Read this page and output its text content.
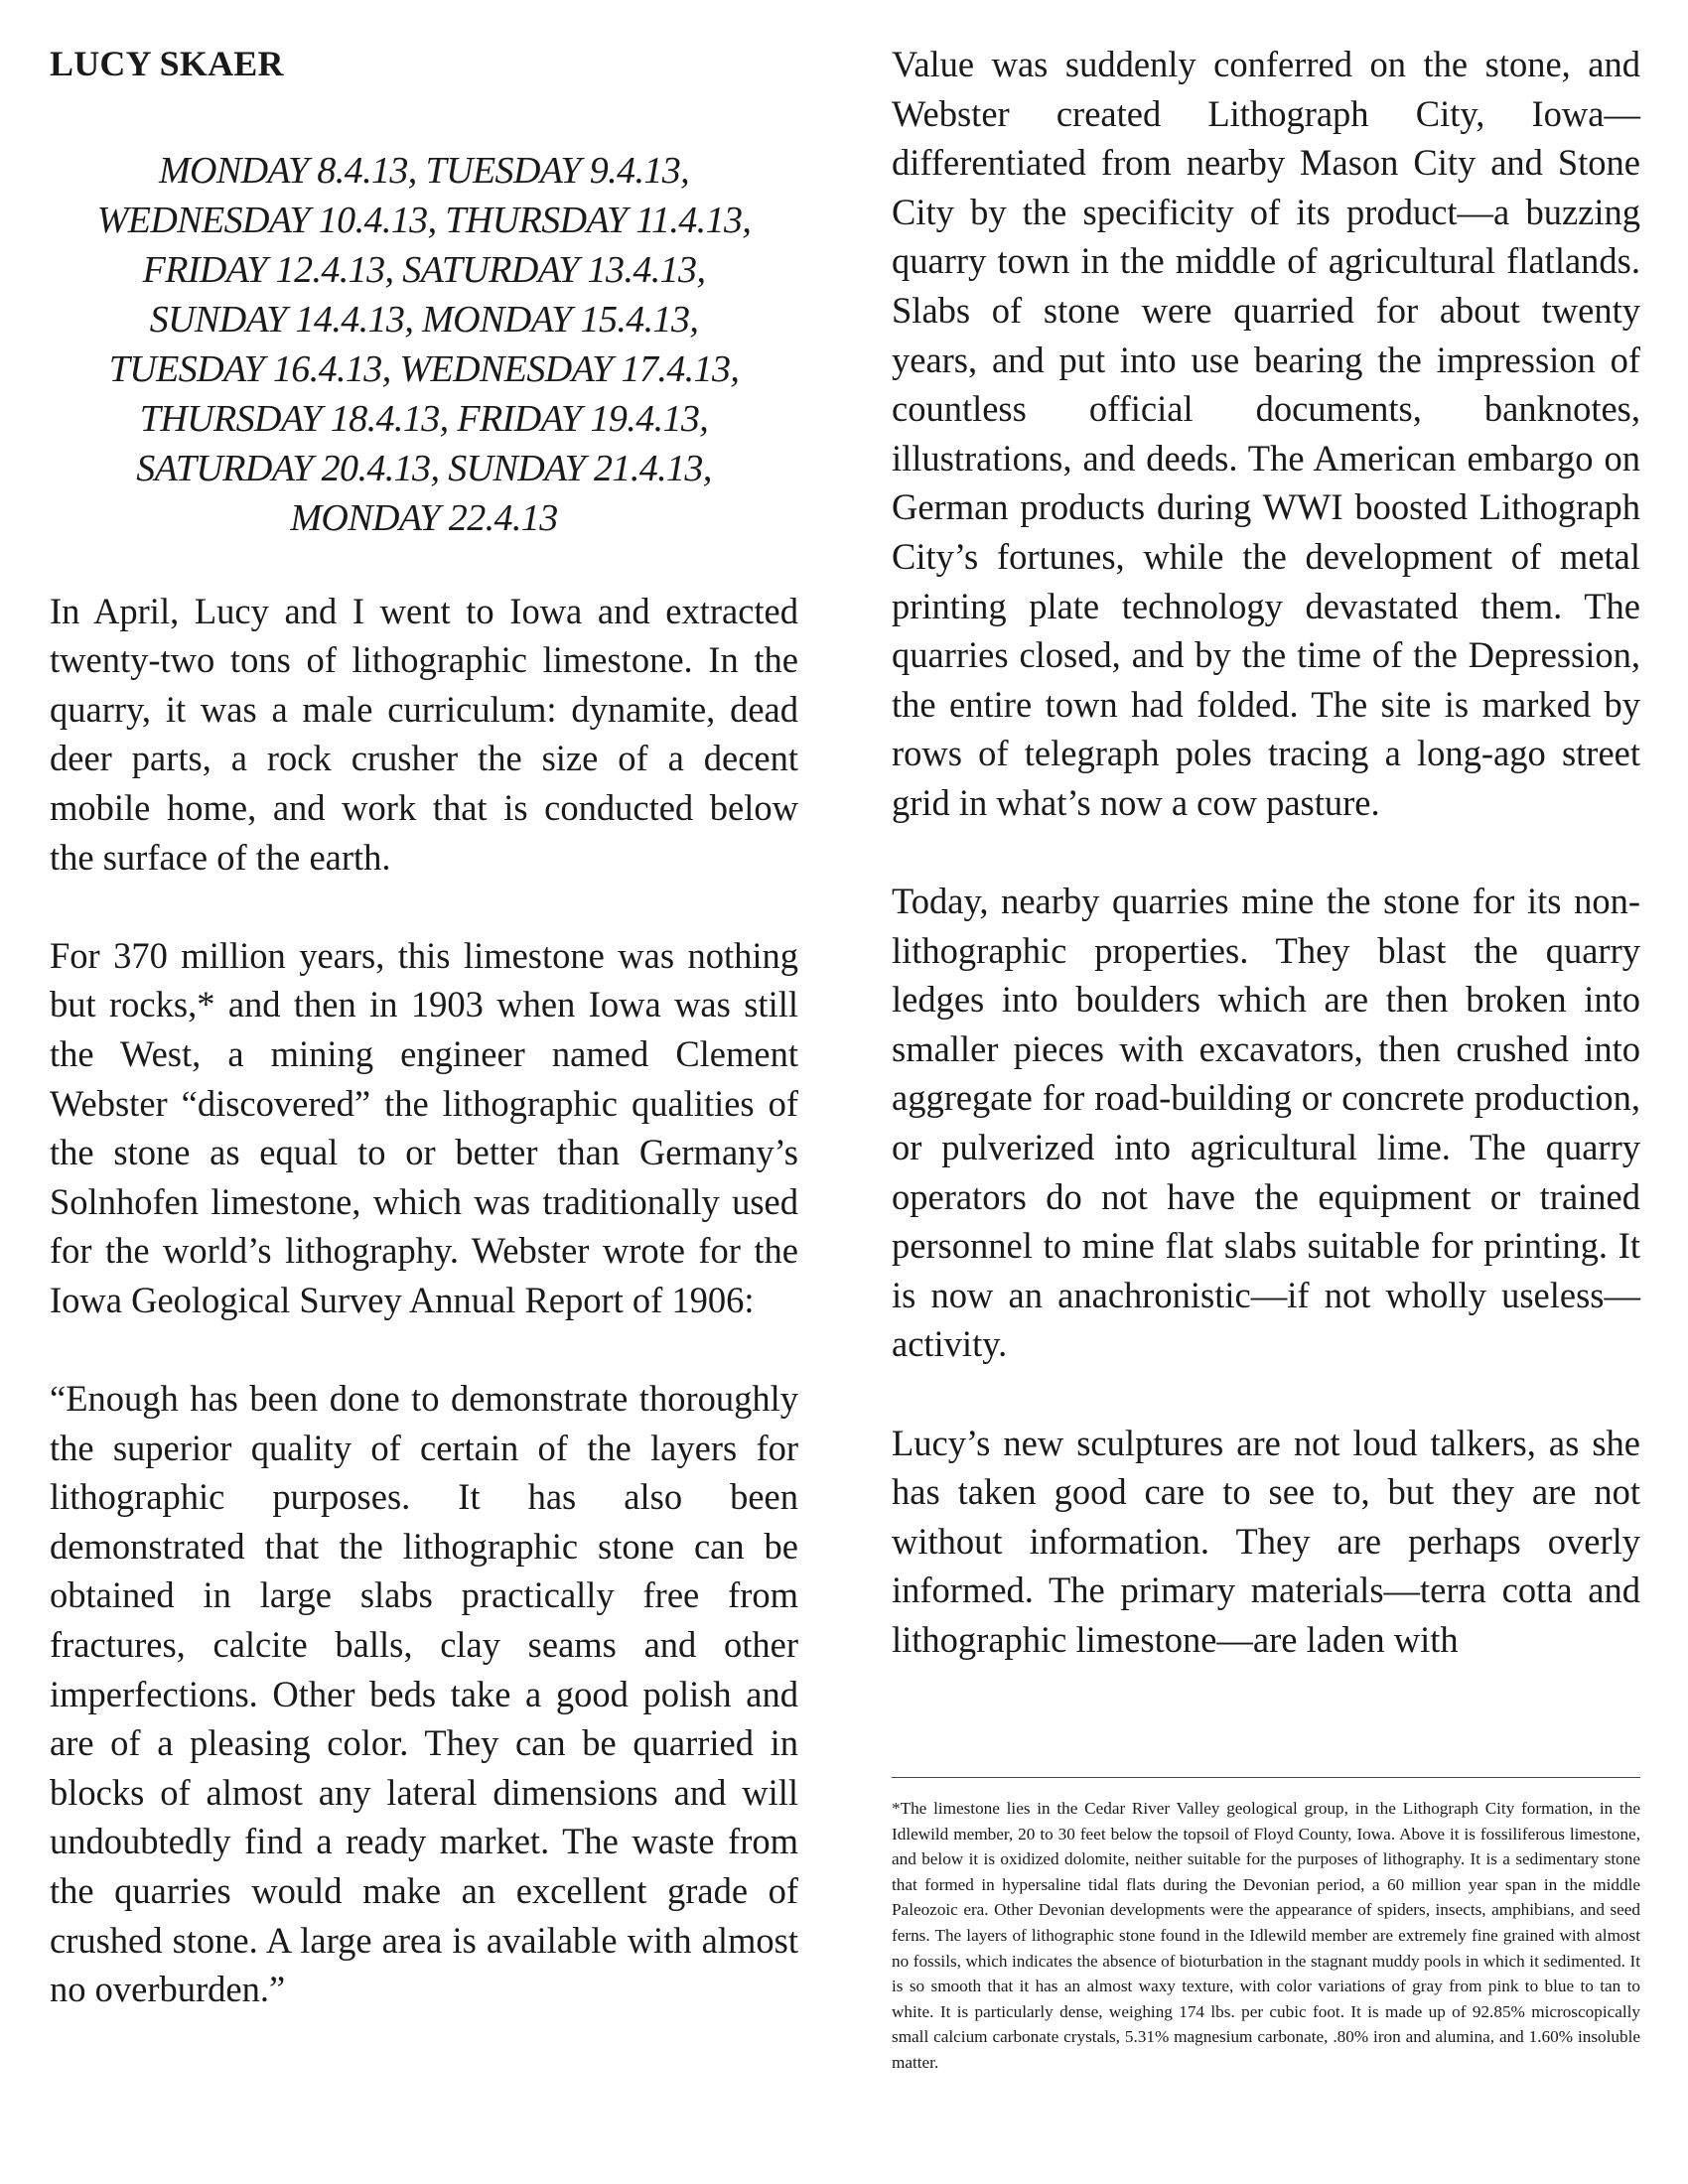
LUCY SKAER
MONDAY 8.4.13, TUESDAY 9.4.13,
WEDNESDAY 10.4.13, THURSDAY 11.4.13,
FRIDAY 12.4.13, SATURDAY 13.4.13,
SUNDAY 14.4.13, MONDAY 15.4.13,
TUESDAY 16.4.13, WEDNESDAY 17.4.13,
THURSDAY 18.4.13, FRIDAY 19.4.13,
SATURDAY 20.4.13, SUNDAY 21.4.13,
MONDAY 22.4.13

In April, Lucy and I went to Iowa and extracted twenty-two tons of lithographic limestone. In the quarry, it was a male curriculum: dynamite, dead deer parts, a rock crusher the size of a decent mobile home, and work that is conducted below the surface of the earth.

For 370 million years, this limestone was nothing but rocks,* and then in 1903 when Iowa was still the West, a mining engineer named Clement Webster “discovered” the lithographic qualities of the stone as equal to or better than Germany’s Solnhofen limestone, which was traditionally used for the world’s lithography. Webster wrote for the Iowa Geological Survey Annual Report of 1906:

“Enough has been done to demonstrate thoroughly the superior quality of certain of the layers for lithographic purposes. It has also been demonstrated that the lithographic stone can be obtained in large slabs practically free from fractures, calcite balls, clay seams and other imperfections. Other beds take a good polish and are of a pleasing color. They can be quarried in blocks of almost any lateral dimensions and will undoubtedly find a ready market. The waste from the quarries would make an excellent grade of crushed stone. A large area is available with almost no overburden.”

Value was suddenly conferred on the stone, and Webster created Lithograph City, Iowa—differentiated from nearby Mason City and Stone City by the specificity of its product—a buzzing quarry town in the middle of agricultural flatlands. Slabs of stone were quarried for about twenty years, and put into use bearing the impression of countless official documents, banknotes, illustrations, and deeds. The American embargo on German products during WWI boosted Lithograph City’s fortunes, while the development of metal printing plate technology devastated them. The quarries closed, and by the time of the Depression, the entire town had folded. The site is marked by rows of telegraph poles tracing a long-ago street grid in what’s now a cow pasture.

Today, nearby quarries mine the stone for its non-lithographic properties. They blast the quarry ledges into boulders which are then broken into smaller pieces with excavators, then crushed into aggregate for road-building or concrete production, or pulverized into agricultural lime. The quarry operators do not have the equipment or trained personnel to mine flat slabs suitable for printing. It is now an anachronistic—if not wholly useless—activity.

Lucy’s new sculptures are not loud talkers, as she has taken good care to see to, but they are not without information. They are perhaps overly informed. The primary materials—terra cotta and lithographic limestone—are laden with

*The limestone lies in the Cedar River Valley geological group, in the Lithograph City formation, in the Idlewild member, 20 to 30 feet below the topsoil of Floyd County, Iowa. Above it is fossiliferous limestone, and below it is oxidized dolomite, neither suitable for the purposes of lithography. It is a sedimentary stone that formed in hypersaline tidal flats during the Devonian period, a 60 million year span in the middle Paleozoic era. Other Devonian developments were the appearance of spiders, insects, amphibians, and seed ferns. The layers of lithographic stone found in the Idlewild member are extremely fine grained with almost no fossils, which indicates the absence of bioturbation in the stagnant muddy pools in which it sedimented. It is so smooth that it has an almost waxy texture, with color variations of gray from pink to blue to tan to white. It is particularly dense, weighing 174 lbs. per cubic foot. It is made up of 92.85% microscopically small calcium carbonate crystals, 5.31% magnesium carbonate, .80% iron and alumina, and 1.60% insoluble matter.
